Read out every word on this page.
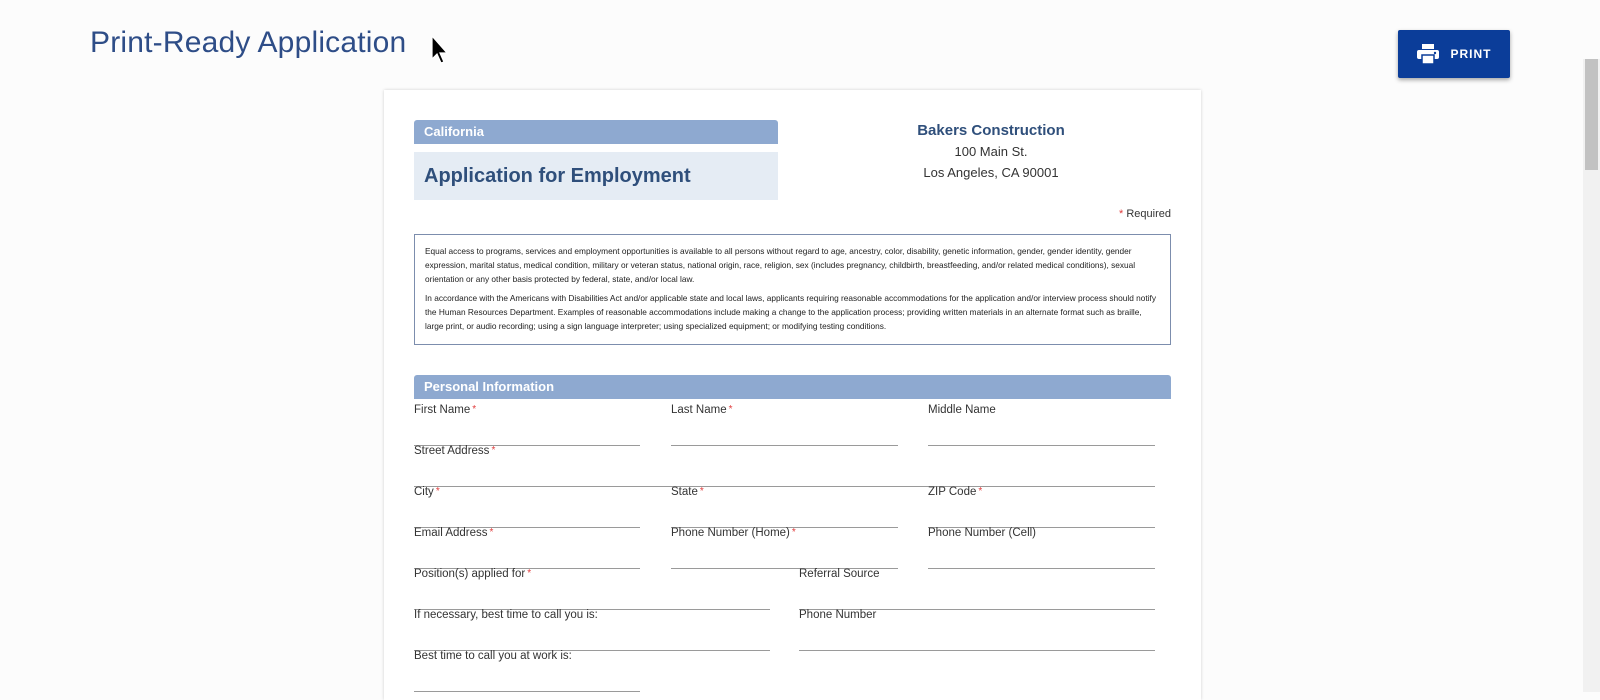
Print-Ready Application	PRINT
California
Application for Employment
Bakers Construction
100 Main St.
Los Angeles, CA 90001
* Required

Equal access to programs, services and employment opportunities is available to all persons without regard to age, ancestry, color, disability, genetic information, gender, gender identity, gender expression, marital status, medical condition, military or veteran status, national origin, race, religion, sex (includes pregnancy, childbirth, breastfeeding, and/or related medical conditions), sexual orientation or any other basis protected by federal, state, and/or local law.

In accordance with the Americans with Disabilities Act and/or applicable state and local laws, applicants requiring reasonable accommodations for the application and/or interview process should notify the Human Resources Department. Examples of reasonable accommodations include making a change to the application process; providing written materials in an alternate format such as braille, large print, or audio recording; using a sign language interpreter; using specialized equipment; or modifying testing conditions.

Personal Information
First Name *	Last Name *	Middle Name
Street Address *
City *	State *	ZIP Code *
Email Address *	Phone Number (Home) *	Phone Number (Cell)
Position(s) applied for *	Referral Source
If necessary, best time to call you is:	Phone Number
Best time to call you at work is:
